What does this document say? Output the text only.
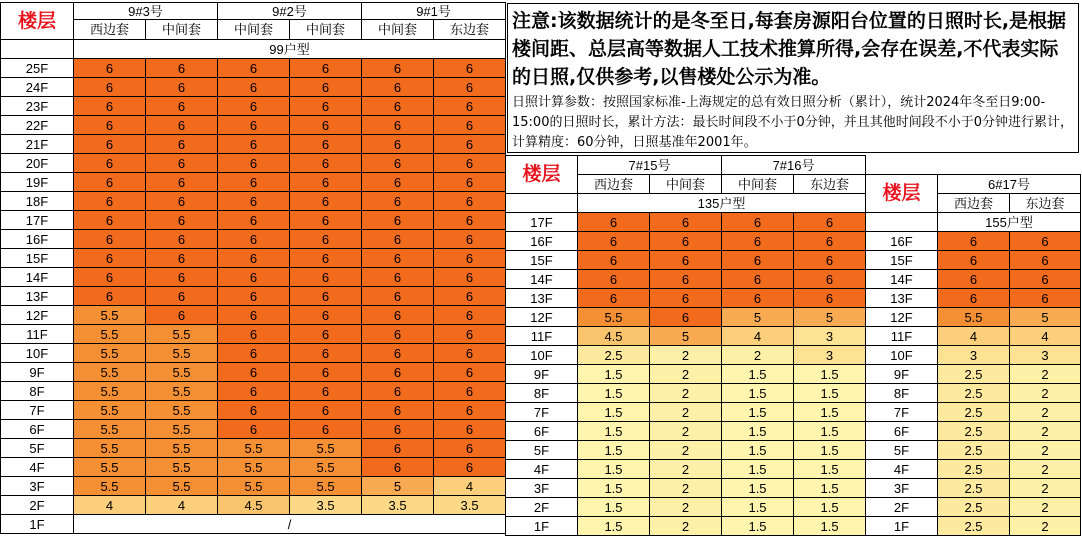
楼层	9#3号		9#2号		9#1号	
	西边套	中间套	中间套	中间套	中间套	东边套
	99户型					
25F	6	6	6	6	6	6
24F	6	6	6	6	6	6
23F	6	6	6	6	6	6
22F	6	6	6	6	6	6
21F	6	6	6	6	6	6
20F	6	6	6	6	6	6
19F	6	6	6	6	6	6
18F	6	6	6	6	6	6
17F	6	6	6	6	6	6
16F	6	6	6	6	6	6
15F	6	6	6	6	6	6
14F	6	6	6	6	6	6
13F	6	6	6	6	6	6
12F	5.5	6	6	6	6	6
11F	5.5	5.5	6	6	6	6
10F	5.5	5.5	6	6	6	6
9F	5.5	5.5	6	6	6	6
8F	5.5	5.5	6	6	6	6
7F	5.5	5.5	6	6	6	6
6F	5.5	5.5	6	6	6	6
5F	5.5	5.5	5.5	5.5	6	6
4F	5.5	5.5	5.5	5.5	6	6
3F	5.5	5.5	5.5	5.5	5	4
2F	4	4	4.5	3.5	3.5	3.5
1F	/					
注意:该数据统计的是冬至日,每套房源阳台位置的日照时长,是根据楼间距、总层高等数据人工技术推算所得,会存在误差,不代表实际的日照,仅供参考,以售楼处公示为准。
日照计算参数：按照国家标准-上海规定的总有效日照分析（累计），统计2024年冬至日9:00-15:00的日照时长，累计方法：最长时间段不小于0分钟，并且其他时间段不小于0分钟进行累计，计算精度：60分钟，日照基准年2001年。
楼层	7#15号		7#16号	
	西边套	中间套	中间套	东边套
	135户型			
17F	6	6	6	6
16F	6	6	6	6
15F	6	6	6	6
14F	6	6	6	6
13F	6	6	6	6
12F	5.5	6	5	5
11F	4.5	5	4	3
10F	2.5	2	2	3
9F	1.5	2	1.5	1.5
8F	1.5	2	1.5	1.5
7F	1.5	2	1.5	1.5
6F	1.5	2	1.5	1.5
5F	1.5	2	1.5	1.5
4F	1.5	2	1.5	1.5
3F	1.5	2	1.5	1.5
2F	1.5	2	1.5	1.5
1F	1.5	2	1.5	1.5
楼层	6#17号	
	西边套	东边套
	155户型	
16F	6	6
15F	6	6
14F	6	6
13F	6	6
12F	5.5	5
11F	4	4
10F	3	3
9F	2.5	2
8F	2.5	2
7F	2.5	2
6F	2.5	2
5F	2.5	2
4F	2.5	2
3F	2.5	2
2F	2.5	2
1F	2.5	2
